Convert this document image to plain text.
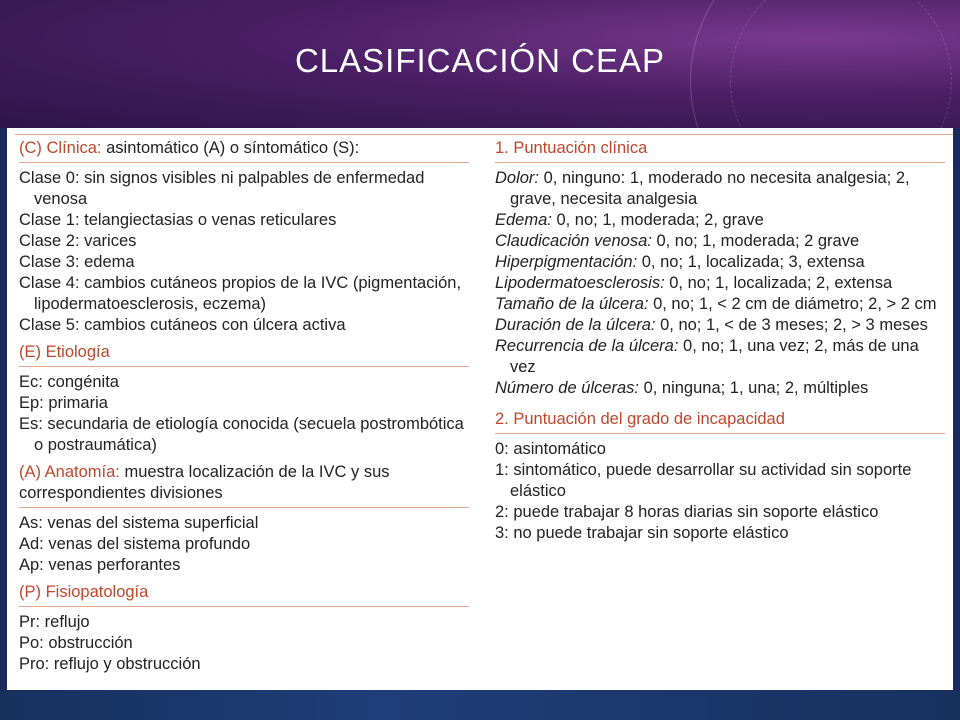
CLASIFICACIÓN CEAP
(C) Clínica: asintomático (A) o síntomático (S):
Clase 0: sin signos visibles ni palpables de enfermedad venosa
Clase 1: telangiectasias o venas reticulares
Clase 2: varices
Clase 3: edema
Clase 4: cambios cutáneos propios de la IVC (pigmentación, lipodermatoesclerosis, eczema)
Clase 5: cambios cutáneos con úlcera activa
(E) Etiología
Ec: congénita
Ep: primaria
Es: secundaria de etiología conocida (secuela postrombótica o postraumática)
(A) Anatomía: muestra localización de la IVC y sus correspondientes divisiones
As: venas del sistema superficial
Ad: venas del sistema profundo
Ap: venas perforantes
(P) Fisiopatología
Pr: reflujo
Po: obstrucción
Pro: reflujo y obstrucción
1. Puntuación clínica
Dolor: 0, ninguno: 1, moderado no necesita analgesia; 2, grave, necesita analgesia
Edema: 0, no; 1, moderada; 2, grave
Claudicación venosa: 0, no; 1, moderada; 2 grave
Hiperpigmentación: 0, no; 1, localizada; 3, extensa
Lipodermatoesclerosis: 0, no; 1, localizada; 2, extensa
Tamaño de la úlcera: 0, no; 1, < 2 cm de diámetro; 2, > 2 cm
Duración de la úlcera: 0, no; 1, < de 3 meses; 2, > 3 meses
Recurrencia de la úlcera: 0, no; 1, una vez; 2, más de una vez
Número de úlceras: 0, ninguna; 1, una; 2, múltiples
2. Puntuación del grado de incapacidad
0: asintomático
1: sintomático, puede desarrollar su actividad sin soporte elástico
2: puede trabajar 8 horas diarias sin soporte elástico
3: no puede trabajar sin soporte elástico
